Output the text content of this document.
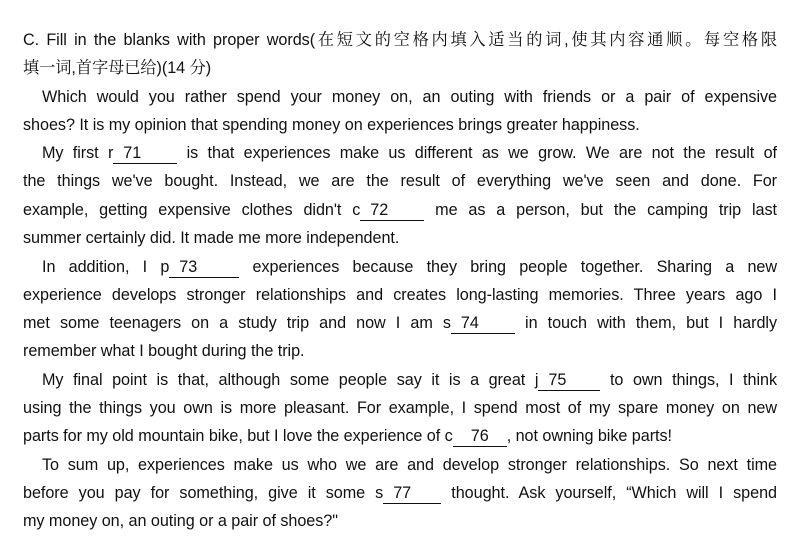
C. Fill in the blanks with proper words(在短文的空格内填入适当的词,使其内容通顺。每空格限
填一词,首字母已给)(14 分)
Which would you rather spend your money on, an outing with friends or a pair of expensive
shoes? It is my opinion that spending money on experiences brings greater happiness.
My first r 71 is that experiences make us different as we grow. We are not the result of
the things we've bought. Instead, we are the result of everything we've seen and done. For
example, getting expensive clothes didn't c 72 me as a person, but the camping trip last
summer certainly did. It made me more independent.
In addition, I p 73	experiences because they bring people together. Sharing a new
experience develops stronger relationships and creates long-lasting memories. Three years ago I
met some teenagers on a study trip and now I am s 74 in touch with them, but I hardly
remember what I bought during the trip.
My final point is that, although some people say it is a great j 75 to own things, I think
using the things you own is more pleasant. For example, I spend most of my spare money on new
parts for my old mountain bike, but I love the experience of c 76 , not owning bike parts!
To sum up, experiences make us who we are and develop stronger relationships. So next time
before you pay for something, give it some s 77 thought. Ask yourself, “Which will I spend
my money on, an outing or a pair of shoes?"
